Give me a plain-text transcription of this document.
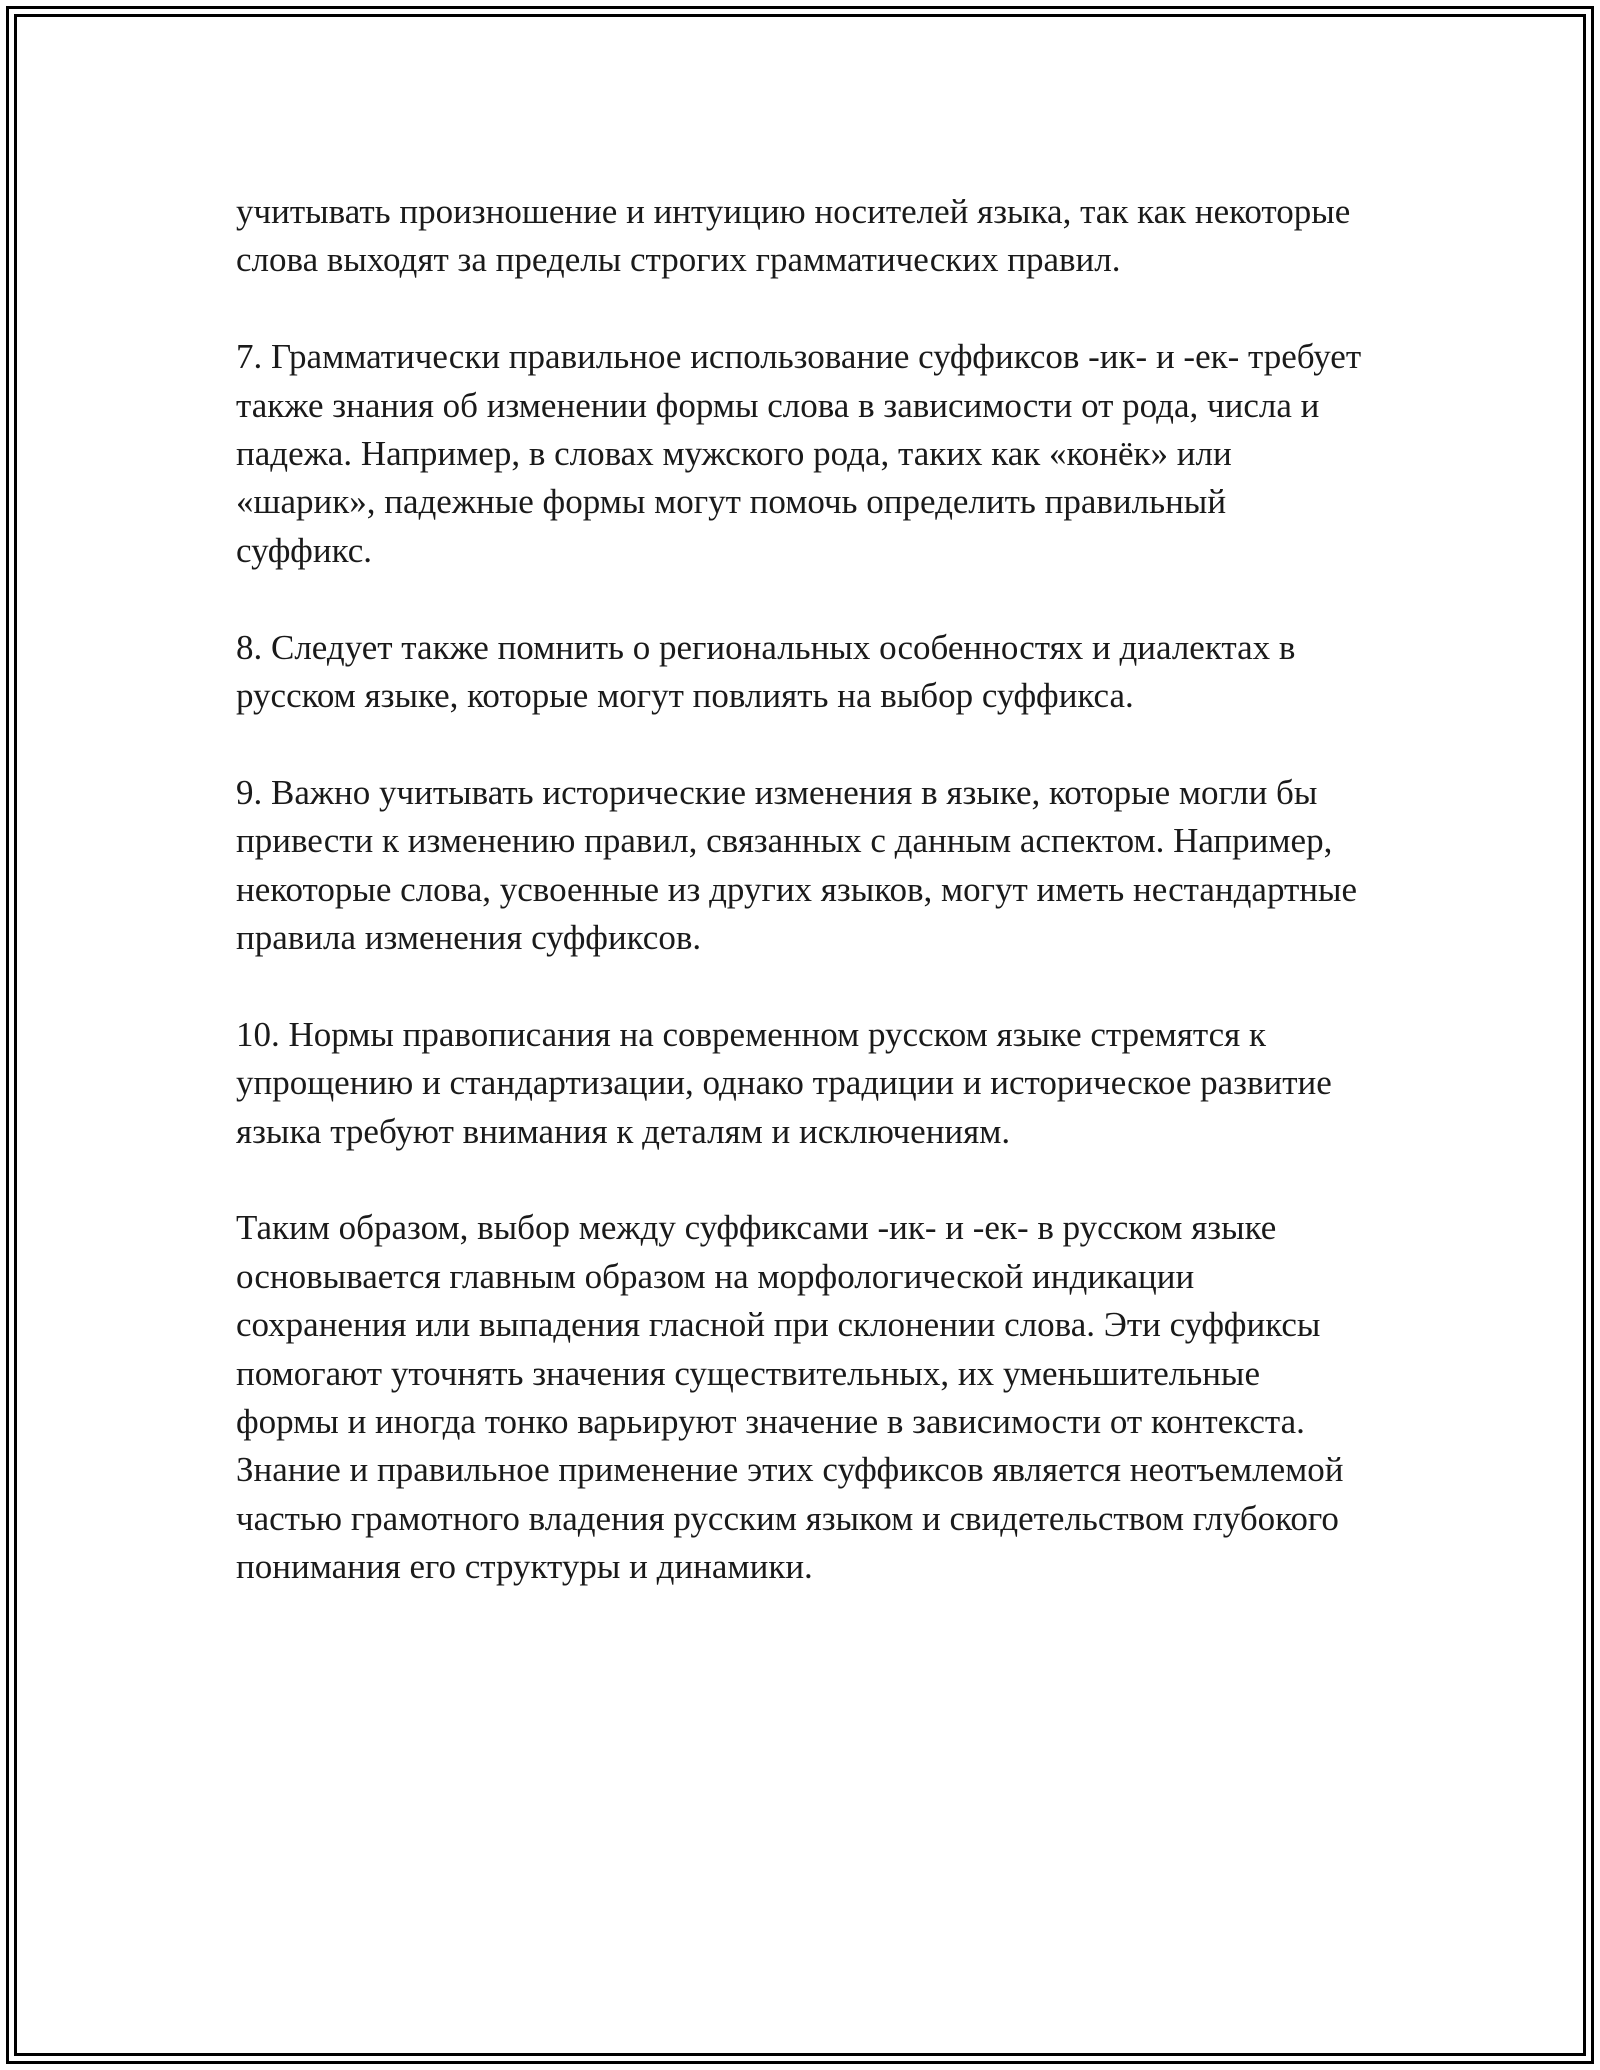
учитывать произношение и интуицию носителей языка, так как некоторые слова выходят за пределы строгих грамматических правил.

7. Грамматически правильное использование суффиксов -ик- и -ек- требует также знания об изменении формы слова в зависимости от рода, числа и падежа. Например, в словах мужского рода, таких как «конёк» или «шарик», падежные формы могут помочь определить правильный суффикс.

8. Следует также помнить о региональных особенностях и диалектах в русском языке, которые могут повлиять на выбор суффикса.

9. Важно учитывать исторические изменения в языке, которые могли бы привести к изменению правил, связанных с данным аспектом. Например, некоторые слова, усвоенные из других языков, могут иметь нестандартные правила изменения суффиксов.

10. Нормы правописания на современном русском языке стремятся к упрощению и стандартизации, однако традиции и историческое развитие языка требуют внимания к деталям и исключениям.

Таким образом, выбор между суффиксами -ик- и -ек- в русском языке основывается главным образом на морфологической индикации сохранения или выпадения гласной при склонении слова. Эти суффиксы помогают уточнять значения существительных, их уменьшительные формы и иногда тонко варьируют значение в зависимости от контекста. Знание и правильное применение этих суффиксов является неотъемлемой частью грамотного владения русским языком и свидетельством глубокого понимания его структуры и динамики.
